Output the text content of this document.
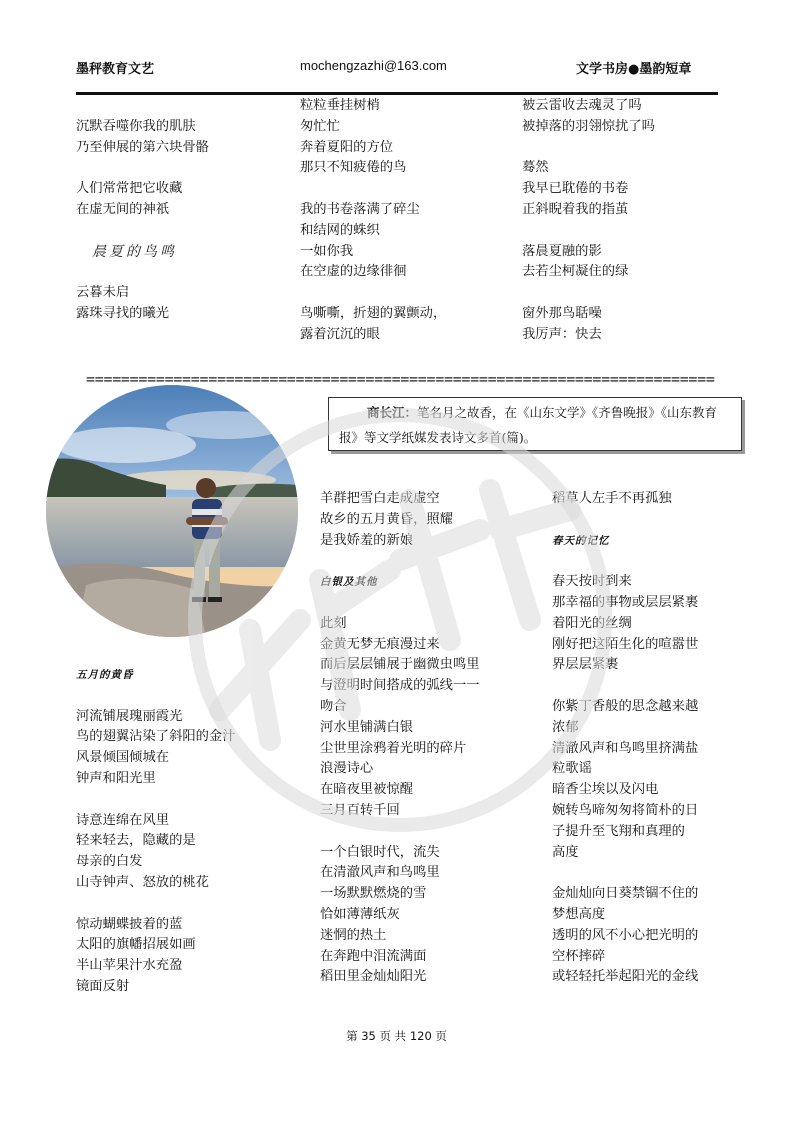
墨秤教育文艺	mochengzazhi@163.com	文学书房●墨韵短章
沉默吞噬你我的肌肤
乃至伸展的第六块骨骼
人们常常把它收藏
在虚无间的神祇
晨夏的鸟鸣
云暮未启
露珠寻找的曦光
粒粒垂挂树梢
匆忙忙
奔着夏阳的方位
那只不知疲倦的鸟
我的书卷落满了碎尘
和结网的蛛织
一如你我
在空虚的边缘徘徊
鸟嘶嘶，折翅的翼颤动，
露着沉沉的眼
被云雷收去魂灵了吗
被掉落的羽翎惊扰了吗
蓦然
我早已耽倦的书卷
正斜睨着我的指茧
落晨夏融的影
去若尘柯凝住的绿
窗外那鸟聒噪
我厉声：快去
========================================================================
商长江：笔名月之故香，在《山东文学》《齐鲁晚报》《山东教育报》等文学纸媒发表诗文多首(篇)。
五月的黄昏
河流铺展瑰丽霞光
鸟的翅翼沾染了斜阳的金汁
风景倾国倾城在
钟声和阳光里
诗意连绵在风里
轻来轻去，隐藏的是
母亲的白发
山寺钟声、怒放的桃花
惊动蝴蝶披着的蓝
太阳的旗幡招展如画
半山苹果汁水充盈
镜面反射
羊群把雪白走成虚空
故乡的五月黄昏，照耀
是我娇羞的新娘
白银及其他
此刻
金黄无梦无痕漫过来
而后层层铺展于幽微虫鸣里
与澄明时间搭成的弧线一一
吻合
河水里铺满白银
尘世里涂鸦着光明的碎片
浪漫诗心
在暗夜里被惊醒
三月百转千回
一个白银时代，流失
在清澈风声和鸟鸣里
一场默默燃烧的雪
恰如薄薄纸灰
迷惘的热土
在奔跑中泪流满面
稻田里金灿灿阳光
稻草人左手不再孤独
春天的记忆
春天按时到来
那幸福的事物或层层紧裹
着阳光的丝绸
刚好把这陌生化的喧嚣世
界层层紧裹
你紫丁香般的思念越来越
浓郁
清澈风声和鸟鸣里挤满盐
粒歌谣
暗香尘埃以及闪电
婉转鸟啼匆匆将简朴的日
子提升至飞翔和真理的
高度
金灿灿向日葵禁锢不住的
梦想高度
透明的风不小心把光明的
空杯摔碎
或轻轻托举起阳光的金线
第 35 页 共 120 页
